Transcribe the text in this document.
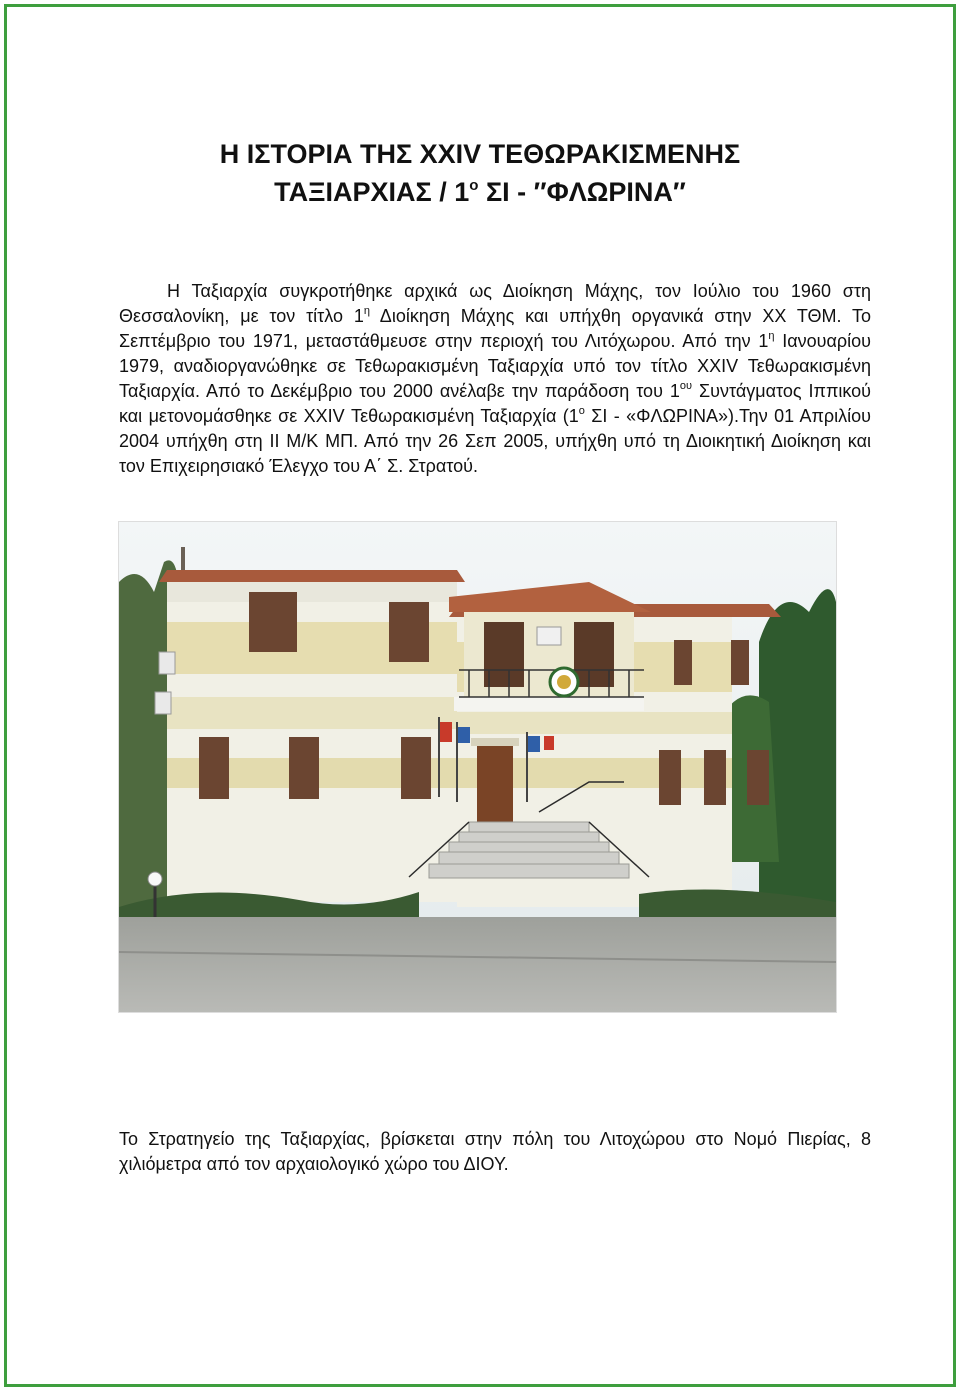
Η ΙΣΤΟΡΙΑ ΤΗΣ XXIV ΤΕΘΩΡΑΚΙΣΜΕΝΗΣ
ΤΑΞΙΑΡΧΙΑΣ / $1^o$ ΣΙ - ″ΦΛΩΡΙΝΑ″

Η Ταξιαρχία συγκροτήθηκε αρχικά ως Διοίκηση Μάχης, τον Ιούλιο του 1960 στη Θεσσαλονίκη, με τον τίτλο $1^\eta$ Διοίκηση Μάχης και υπήχθη οργανικά στην ΧΧ ΤΘΜ. Το Σεπτέμβριο του 1971, μεταστάθμευσε στην περιοχή του Λιτόχωρου. Από την $1^\eta$ Ιανουαρίου 1979, αναδιοργανώθηκε σε Τεθωρακισμένη Ταξιαρχία υπό τον τίτλο XXIV Τεθωρακισμένη Ταξιαρχία. Από το Δεκέμβριο του 2000 ανέλαβε την παράδοση του $1^{o\upsilon}$ Συντάγματος Ιππικού και μετονομάσθηκε σε XXIV Τεθωρακισμένη Ταξιαρχία ($1^o$ ΣΙ - «ΦΛΩΡΙΝΑ»).Την 01 Απριλίου 2004 υπήχθη στη ΙΙ Μ/Κ ΜΠ. Από την 26 Σεπ 2005, υπήχθη υπό τη Διοικητική Διοίκηση και τον Επιχειρησιακό Έλεγχο του Α΄ Σ. Στρατού.

Το Στρατηγείο της Ταξιαρχίας, βρίσκεται στην πόλη του Λιτοχώρου στο Νομό Πιερίας, 8 χιλιόμετρα από τον αρχαιολογικό χώρο του ΔΙΟΥ.
